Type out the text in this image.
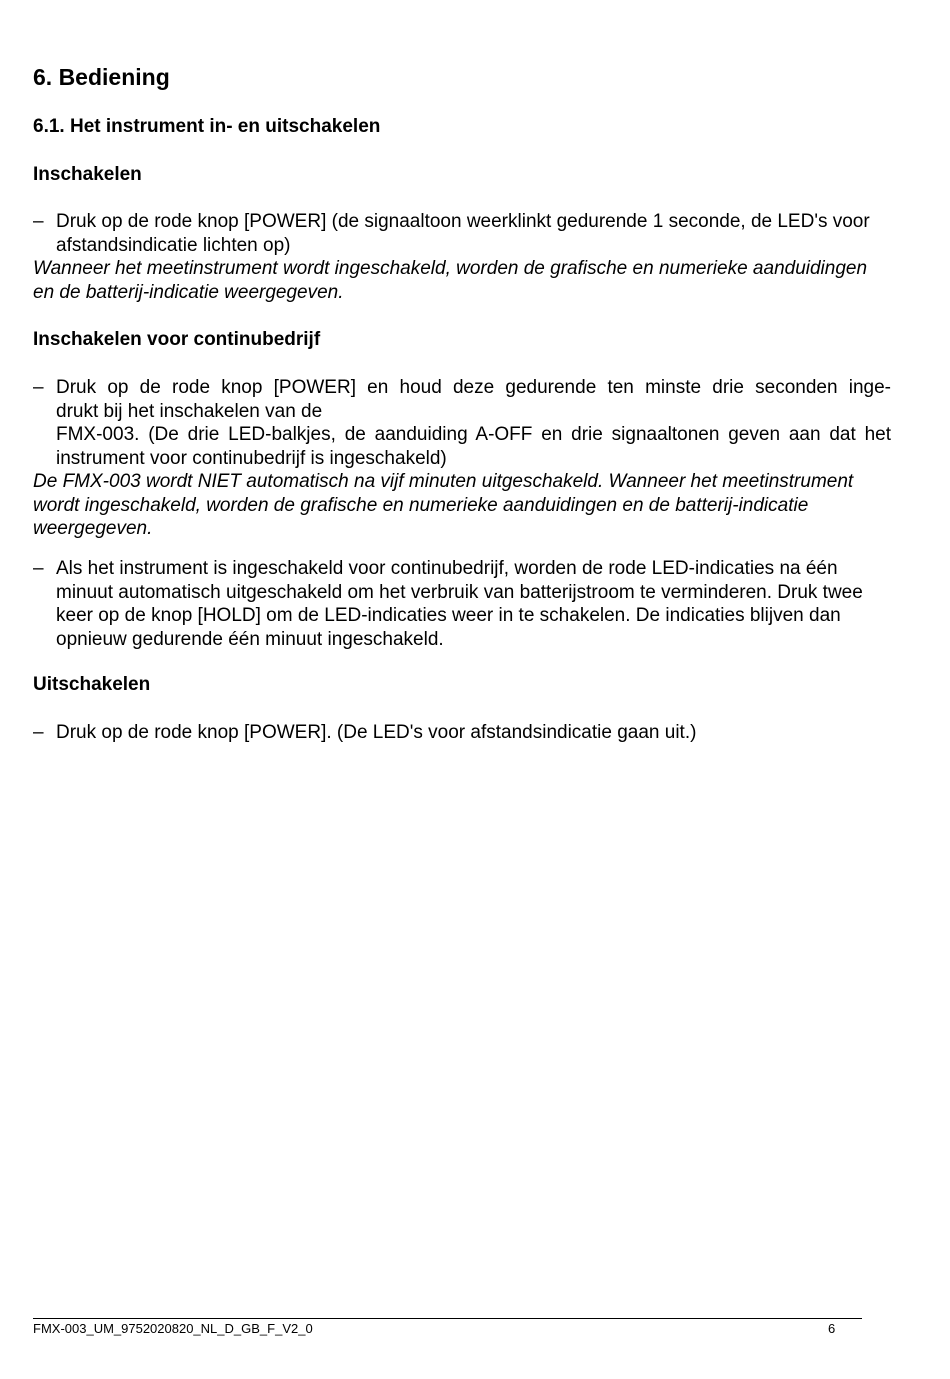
6. Bediening
6.1. Het instrument in- en uitschakelen
Inschakelen
– Druk op de rode knop [POWER] (de signaaltoon weerklinkt gedurende 1 seconde, de LED's voor afstandsindicatie lichten op)
Wanneer het meetinstrument wordt ingeschakeld, worden de grafische en numerieke aanduidingen en de batterij-indicatie weergegeven.
Inschakelen voor continubedrijf
– Druk op de rode knop [POWER] en houd deze gedurende ten minste drie seconden inge-
drukt bij het inschakelen van de
FMX-003. (De drie LED-balkjes, de aanduiding A-OFF en drie signaaltonen geven aan dat het instrument voor continubedrijf is ingeschakeld)
De FMX-003 wordt NIET automatisch na vijf minuten uitgeschakeld. Wanneer het meetinstrument wordt ingeschakeld, worden de grafische en numerieke aanduidingen en de batterij-indicatie weergegeven.
– Als het instrument is ingeschakeld voor continubedrijf, worden de rode LED-indicaties na één minuut automatisch uitgeschakeld om het verbruik van batterijstroom te verminderen. Druk twee keer op de knop [HOLD] om de LED-indicaties weer in te schakelen. De indicaties blijven dan opnieuw gedurende één minuut ingeschakeld.
Uitschakelen
– Druk op de rode knop [POWER]. (De LED's voor afstandsindicatie gaan uit.)
FMX-003_UM_9752020820_NL_D_GB_F_V2_0	6
